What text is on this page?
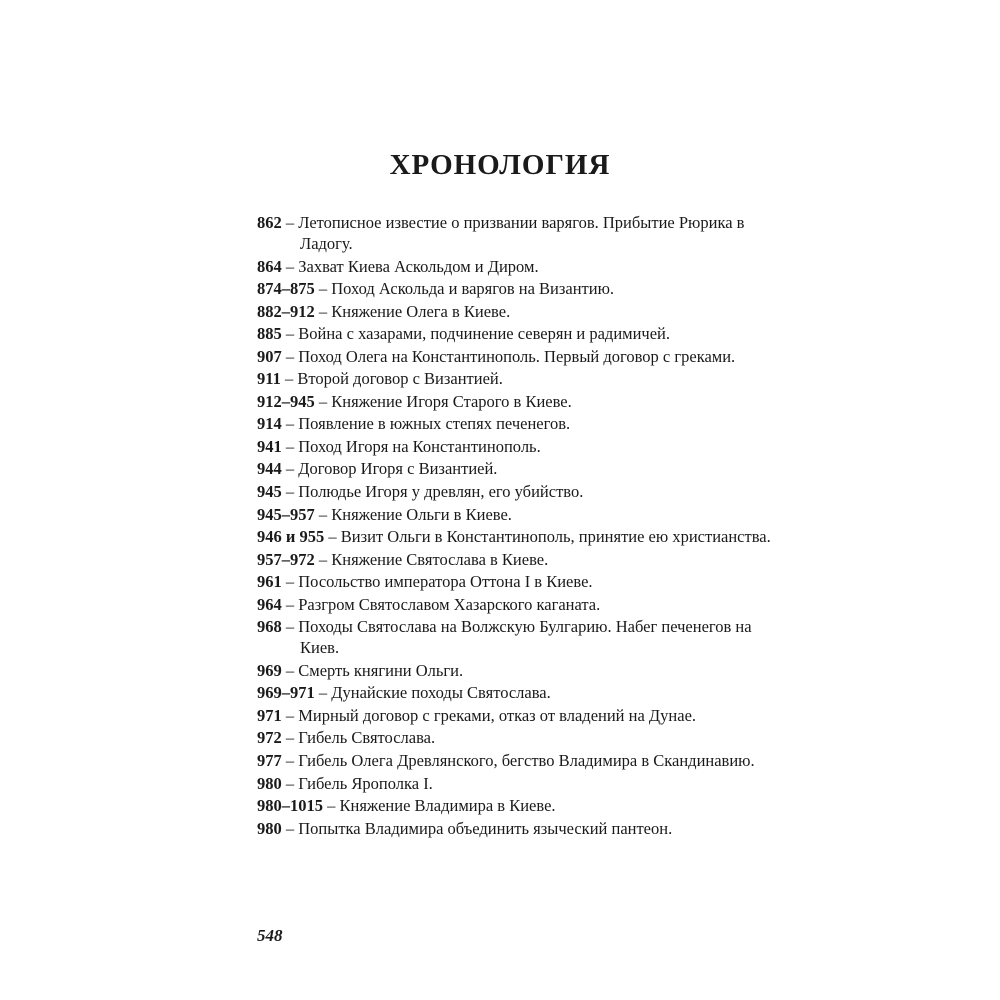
ХРОНОЛОГИЯ
862 – Летописное известие о призвании варягов. Прибытие Рюрика в Ладогу.
864 – Захват Киева Аскольдом и Диром.
874–875 – Поход Аскольда и варягов на Византию.
882–912 – Княжение Олега в Киеве.
885 – Война с хазарами, подчинение северян и радимичей.
907 – Поход Олега на Константинополь. Первый договор с греками.
911 – Второй договор с Византией.
912–945 – Княжение Игоря Старого в Киеве.
914 – Появление в южных степях печенегов.
941 – Поход Игоря на Константинополь.
944 – Договор Игоря с Византией.
945 – Полюдье Игоря у древлян, его убийство.
945–957 – Княжение Ольги в Киеве.
946 и 955 – Визит Ольги в Константинополь, принятие ею христианства.
957–972 – Княжение Святослава в Киеве.
961 – Посольство императора Оттона I в Киеве.
964 – Разгром Святославом Хазарского каганата.
968 – Походы Святослава на Волжскую Булгарию. Набег печенегов на Киев.
969 – Смерть княгини Ольги.
969–971 – Дунайские походы Святослава.
971 – Мирный договор с греками, отказ от владений на Дунае.
972 – Гибель Святослава.
977 – Гибель Олега Древлянского, бегство Владимира в Скандинавию.
980 – Гибель Ярополка I.
980–1015 – Княжение Владимира в Киеве.
980 – Попытка Владимира объединить языческий пантеон.
548
